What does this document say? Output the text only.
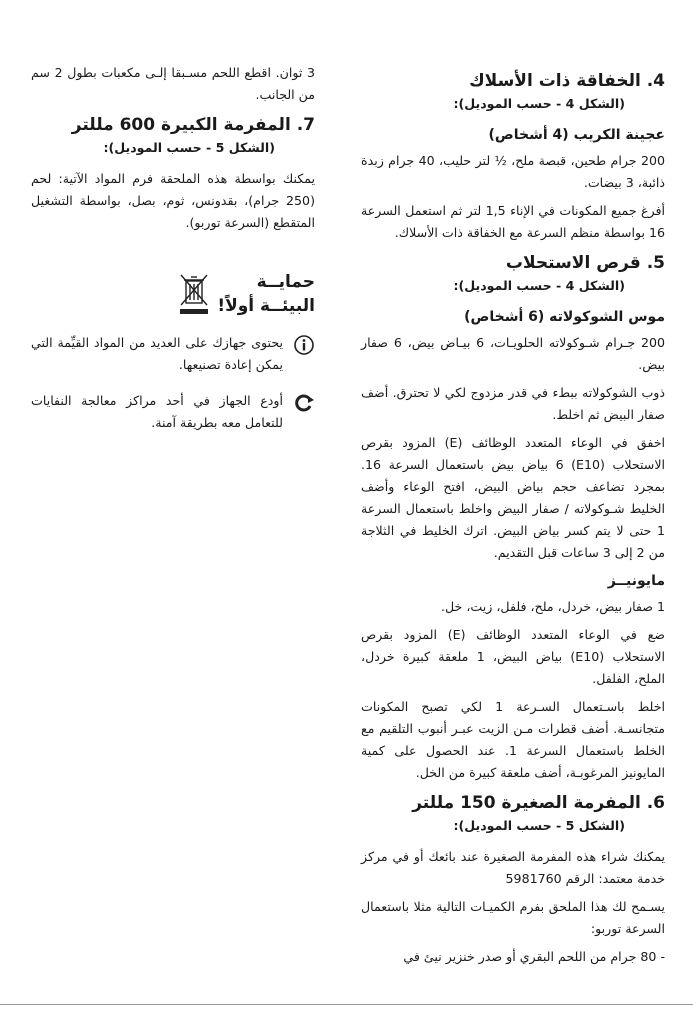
4. الخفاقة ذات الأسلاك
(الشكل 4 - حسب الموديل):
عجينة الكريب (4 أشخاص)

200 جرام طحين، قبصة ملح، ½ لتر حليب، 40 جرام زبدة ذائبة، 3 بيضات.

أفرغ جميع المكونات في الإناء 1,5 لتر ثم استعمل السرعة 16 بواسطة منظم السرعة مع الخفاقة ذات الأسلاك.

5. قرص الاستحلاب
(الشكل 4 - حسب الموديل):
موس الشوكولاته (6 أشخاص)

200 جـرام شـوكولاته الحلويـات، 6 بيـاض بيض، 6 صفار بيض.

ذوب الشوكولاته ببطء في قدر مزدوج لكي لا تحترق. أضف صفار البيض ثم اخلط.

اخفق في الوعاء المتعدد الوظائف (E) المزود بقرص الاستحلاب (E10) 6 بياض بيض باستعمال السرعة 16. بمجرد تضاعف حجم بياض البيض، افتح الوعاء وأضف الخليط شـوكولاته / صفار البيض واخلط باستعمال السرعة 1 حتى لا يتم كسر بياض البيض. اترك الخليط في الثلاجة من 2 إلى 3 ساعات قبل التقديم.

مايونيــز

1 صفار بيض، خردل، ملح، فلفل، زيت، خل.

ضع في الوعاء المتعدد الوظائف (E) المزود بقرص الاستحلاب (E10) بياض البيض، 1 ملعقة كبيرة خردل، الملح، الفلفل.

اخلط باسـتعمال السـرعة 1 لكي تصبح المكونات متجانسـة. أضف قطرات مـن الزيت عبـر أنبوب التلقيم مع الخلط باستعمال السرعة 1. عند الحصول على كمية المايونيز المرغوبـة، أضف ملعقة كبيرة من الخل.

6. المفرمة الصغيرة 150 مللتر
(الشكل 5 - حسب الموديل):

يمكنك شراء هذه المفرمة الصغيرة عند بائعك أو في مركز خدمة معتمد: الرقم 5981760

يسـمح لك هذا الملحق بفرم الكميـات التالية مثلا باستعمال السرعة توربو:

- 80 جرام من اللحم البقري أو صدر خنزير نيئ في

3 ثوان. اقطع اللحم مسـبقا إلـى مكعبات بطول 2 سم من الجانب.

7. المفرمة الكبيرة 600 مللتر
(الشكل 5 - حسب الموديل):

يمكنك بواسطة هذه الملحقة فرم المواد الآتية: لحم (250 جرام)، بقدونس، ثوم، بصل، بواسطة التشغيل المتقطع (السرعة توربو).

حمايــة
البيئــة أولاً!

يحتوى جهازك على العديد من المواد القيِّمة التي يمكن إعادة تصنيعها.

أودع الجهاز في أحد مراكز معالجة النفايات للتعامل معه بطريقة آمنة.
